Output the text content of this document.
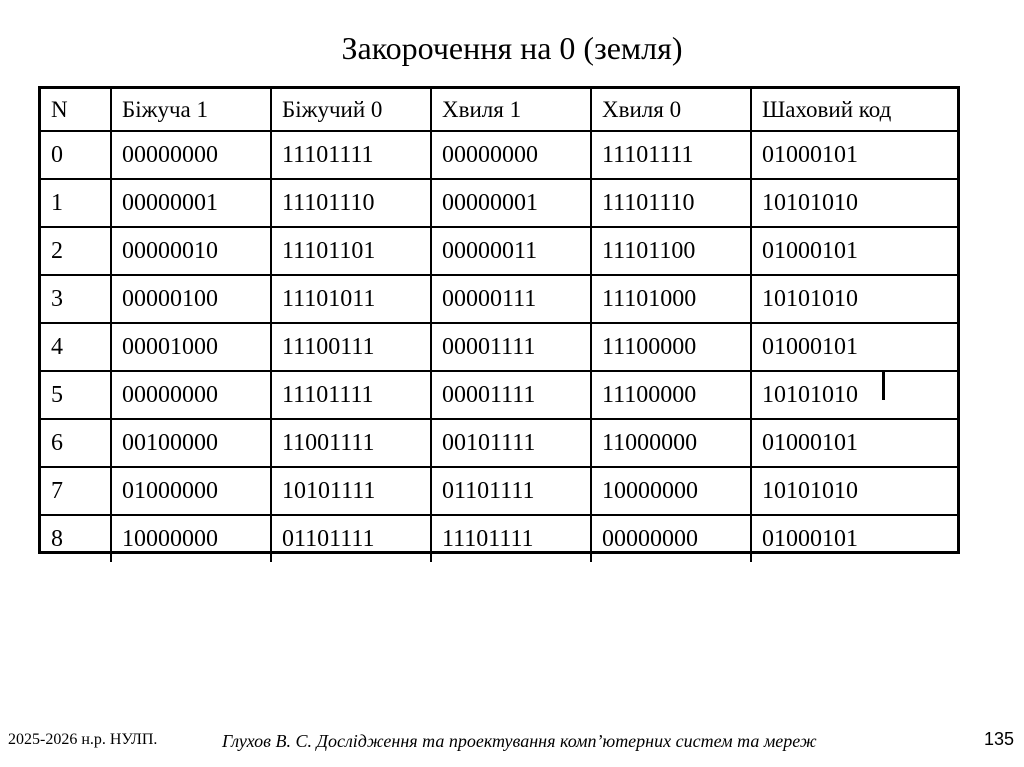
Закорочення на 0 (земля)
N	Біжуча 1	Біжучий 0	Хвиля 1	Хвиля 0	Шаховий код
0	00000000	11101111	00000000	11101111	01000101
1	00000001	11101110	00000001	11101110	10101010
2	00000010	11101101	00000011	11101100	01000101
3	00000100	11101011	00000111	11101000	10101010
4	00001000	11100111	00001111	11100000	01000101
5	00000000	11101111	00001111	11100000	10101010
6	00100000	11001111	00101111	11000000	01000101
7	01000000	10101111	01101111	10000000	10101010
8	10000000	01101111	11101111	00000000	01000101
2025-2026 н.р. НУЛП.	Глухов В. С. Дослідження та проектування комп’ютерних систем та мереж	135
